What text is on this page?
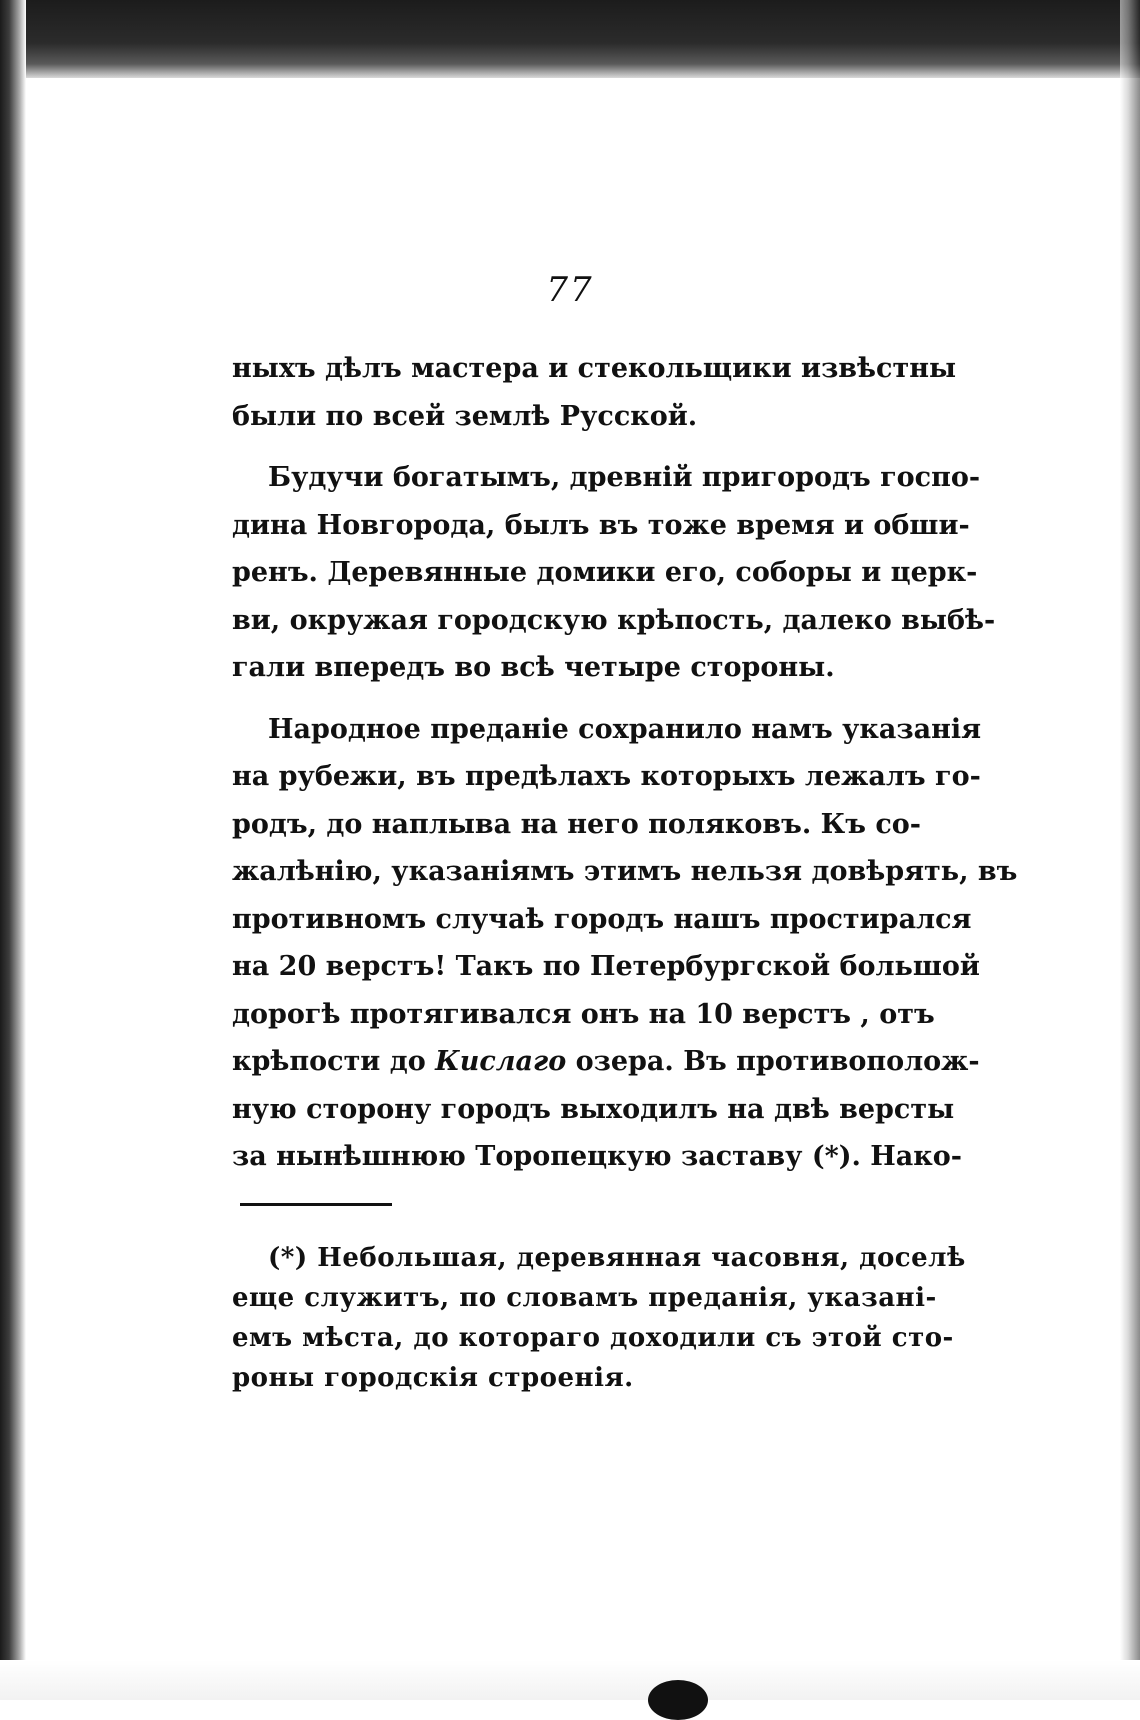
77
ныхъ дѣлъ мастера и стекольщики извѣстны
были по всей землѣ Русской.
Будучи богатымъ, древній пригородъ госпо-
дина Новгорода, былъ въ тоже время и обши-
ренъ. Деревянные домики его, соборы и церк-
ви, окружая городскую крѣпость, далеко выбѣ-
гали впередъ во всѣ четыре стороны.
Народное преданіе сохранило намъ указанія
на рубежи, въ предѣлахъ которыхъ лежалъ го-
родъ, до наплыва на него поляковъ. Къ со-
жалѣнію, указаніямъ этимъ нельзя довѣрять, въ
противномъ случаѣ городъ нашъ простирался
на 20 верстъ! Такъ по Петербургской большой
дорогѣ протягивался онъ на 10 верстъ , отъ
крѣпости до Кислаго озера. Въ противополож-
ную сторону городъ выходилъ на двѣ версты
за нынѣшнюю Торопецкую заставу (*). Нако-
(*) Небольшая, деревянная часовня, доселѣ
еще служитъ, по словамъ преданія, указані-
емъ мѣста, до котораго доходили съ этой сто-
роны городскія строенія.
